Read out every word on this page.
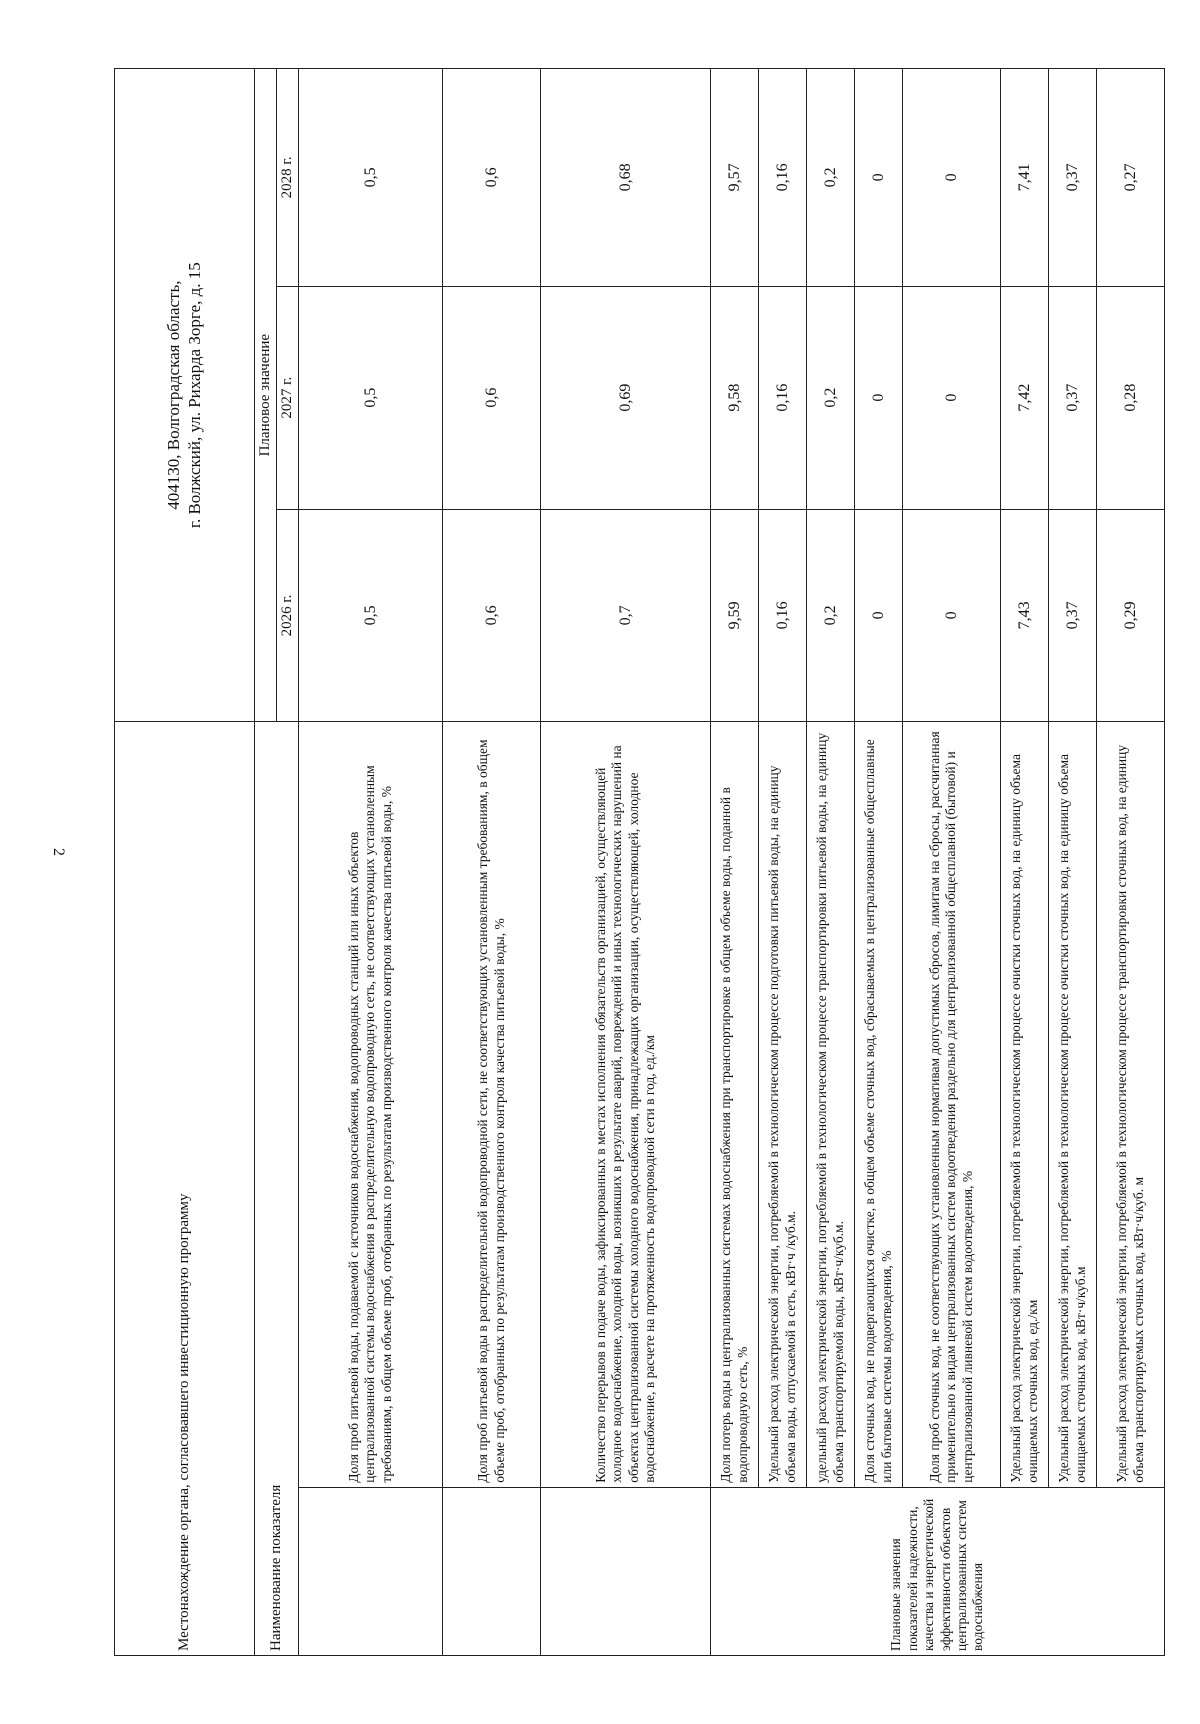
2
Местонахождение органа, согласовавшего инвестиционную программу		404130, Волгоградская область, г. Волжский, ул. Рихарда Зорге, д. 15		

Наименование показателя		Плановое значение		
		2026 г.	2027 г.	2028 г.
	Доля проб питьевой воды, подаваемой с источников водоснабжения, водопроводных станций или иных объектов централизованной системы водоснабжения в распределительную водопроводную сеть, не соответствующих установленным требованиям, в общем объеме проб, отобранных по результатам производственного контроля качества питьевой воды, %	0,5	0,5	0,5
	Доля проб питьевой воды в распределительной водопроводной сети, не соответствующих установленным требованиям, в общем объеме проб, отобранных по результатам производственного контроля качества питьевой воды, %	0,6	0,6	0,6
	Количество перерывов в подаче воды, зафиксированных в местах исполнения обязательств организацией, осуществляющей холодное водоснабжение, холодной воды, возникших в результате аварий, повреждений и иных технологических нарушений на объектах централизованной системы холодного водоснабжения, принадлежащих организации, осуществляющей, холодное водоснабжение, в расчете на протяженность водопроводной сети в год, ед./км	0,7	0,69	0,68
Плановые значения показателей надежности, качества и энергетической эффективности объектов централизованных систем водоснабжения	Доля потерь воды в централизованных системах водоснабжения при транспортировке в общем объеме воды, поданной в водопроводную сеть, %	9,59	9,58	9,57
	Удельный расход электрической энергии, потребляемой в технологическом процессе подготовки питьевой воды, на единицу объема воды, отпускаемой в сеть, кВт·ч /куб.м.	0,16	0,16	0,16
	удельный расход электрической энергии, потребляемой в технологическом процессе транспортировки питьевой воды, на единицу объема транспортируемой воды, кВт·ч/куб.м.	0,2	0,2	0,2
	Доля сточных вод, не подвергающихся очистке, в общем объеме сточных вод, сбрасываемых в централизованные общесплавные или бытовые системы водоотведения, %	0	0	0
	Доля проб сточных вод, не соответствующих установленным нормативам допустимых сбросов, лимитам на сбросы, рассчитанная применительно к видам централизованных систем водоотведения раздельно для централизованной общесплавной (бытовой) и централизованной ливневой систем водоотведения, %	0	0	0
	Удельный расход электрической энергии, потребляемой в технологическом процессе очистки сточных вод, на единицу объема очищаемых сточных вод, ед./км	7,43	7,42	7,41
	Удельный расход электрической энергии, потребляемой в технологическом процессе очистки сточных вод, на единицу объема очищаемых сточных вод, кВт·ч/куб.м	0,37	0,37	0,37
	Удельный расход электрической энергии, потребляемой в технологическом процессе транспортировки сточных вод, на единицу объема транспортируемых сточных вод, кВт·ч/куб. м	0,29	0,28	0,27
